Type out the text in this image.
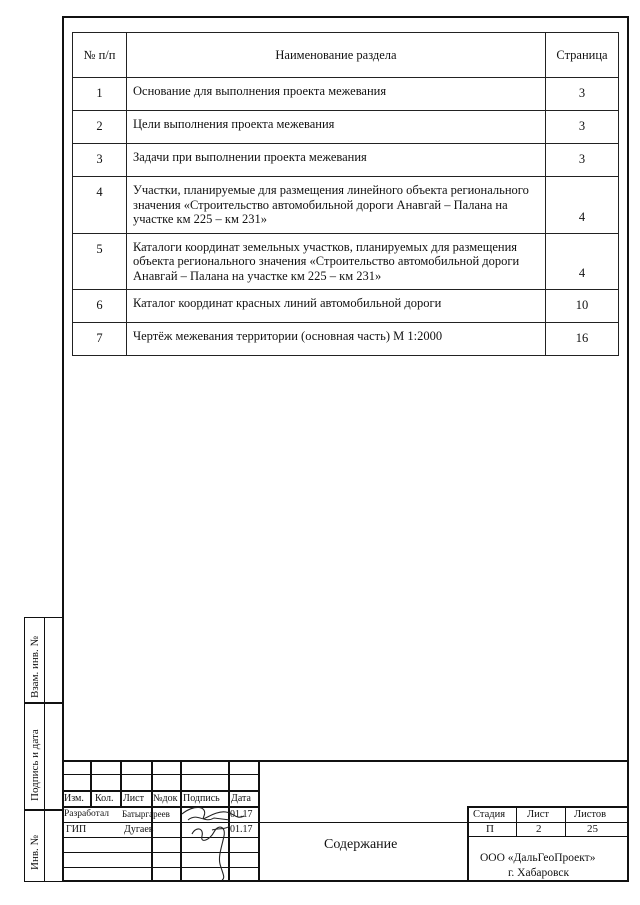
№ п/п	Наименование раздела	Страница
1	Основание для выполнения проекта межевания	3
2	Цели выполнения проекта межевания	3
3	Задачи при выполнении проекта межевания	3
4	Участки, планируемые для размещения линейного объекта регионального значения «Строительство автомобильной дороги Анавгай – Палана на участке км 225 – км 231»	4
5	Каталоги координат земельных участков, планируемых для размещения объекта регионального значения «Строительство автомобильной дороги Анавгай – Палана на участке км 225 – км 231»	4
6	Каталог координат красных линий автомобильной дороги	10
7	Чертёж межевания территории (основная часть) М 1:2000	16
Взам. инв. №
Подпись и дата
Инв. №
Изм. Кол. Лист №док Подпись Дата
Разработал Батыргареев	01.17
ГИП	Дугаев	01.17
Содержание
Стадия Лист Листов
П	2	25
ООО «ДальГеоПроект»
г. Хабаровск
